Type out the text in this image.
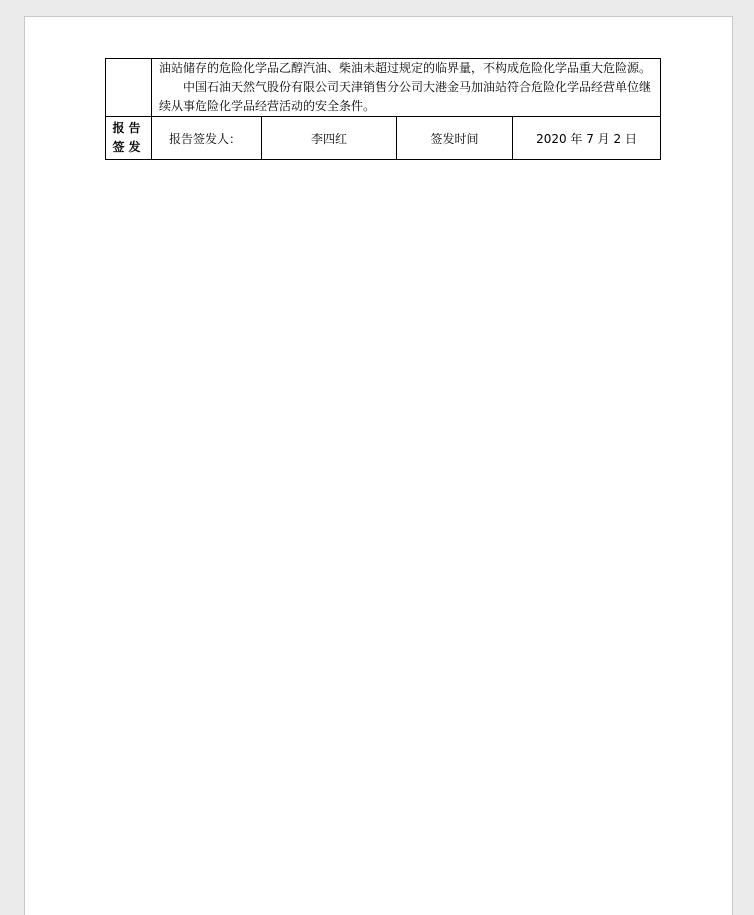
	油站储存的危险化学品乙醇汽油、柴油未超过规定的临界量，不构成危险化学品重大危险源。

中国石油天然气股份有限公司天津销售分公司大港金马加油站符合危险化学品经营单位继续从事危险化学品经营活动的安全条件。			

报告
签发	报告签发人：	李四红	签发时间	2020 年 7 月 2 日
